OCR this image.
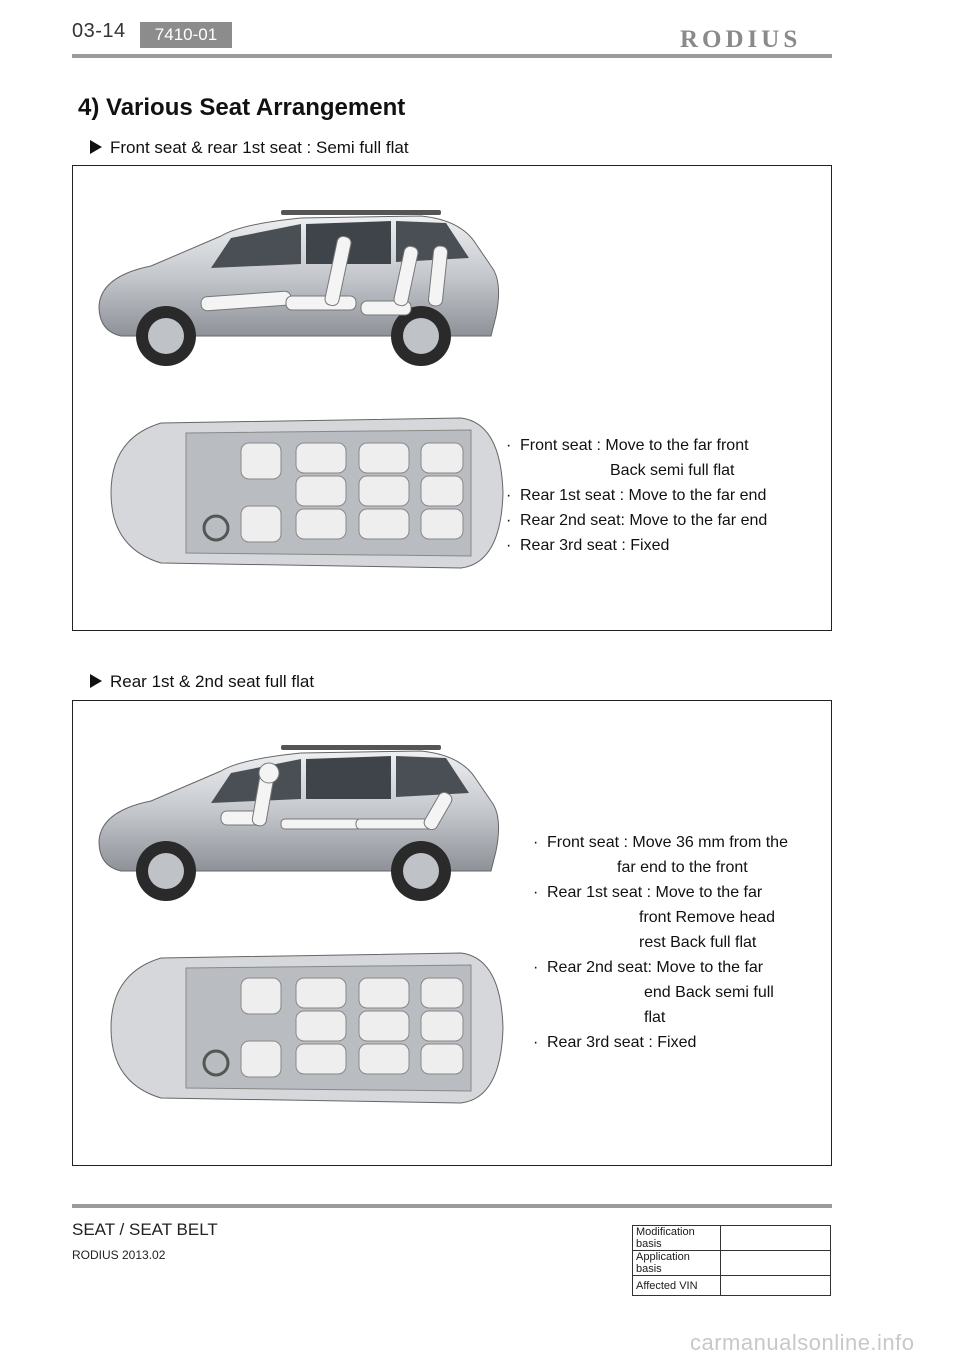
03-14	7410-01	RODIUS
4) Various Seat Arrangement
Front seat & rear 1st seat : Semi full flat
· Front seat : Move to the far front
Back semi full flat
· Rear 1st seat : Move to the far end
· Rear 2nd seat: Move to the far end
· Rear 3rd seat : Fixed
Rear 1st & 2nd seat full flat
· Front seat : Move 36 mm from the
far end to the front
· Rear 1st seat : Move to the far
front Remove head
rest Back full flat
· Rear 2nd seat: Move to the far
end Back semi full
flat
· Rear 3rd seat : Fixed
SEAT / SEAT BELT
RODIUS 2013.02
Modification basis	
Application basis	
Affected VIN	
carmanualsonline.info
